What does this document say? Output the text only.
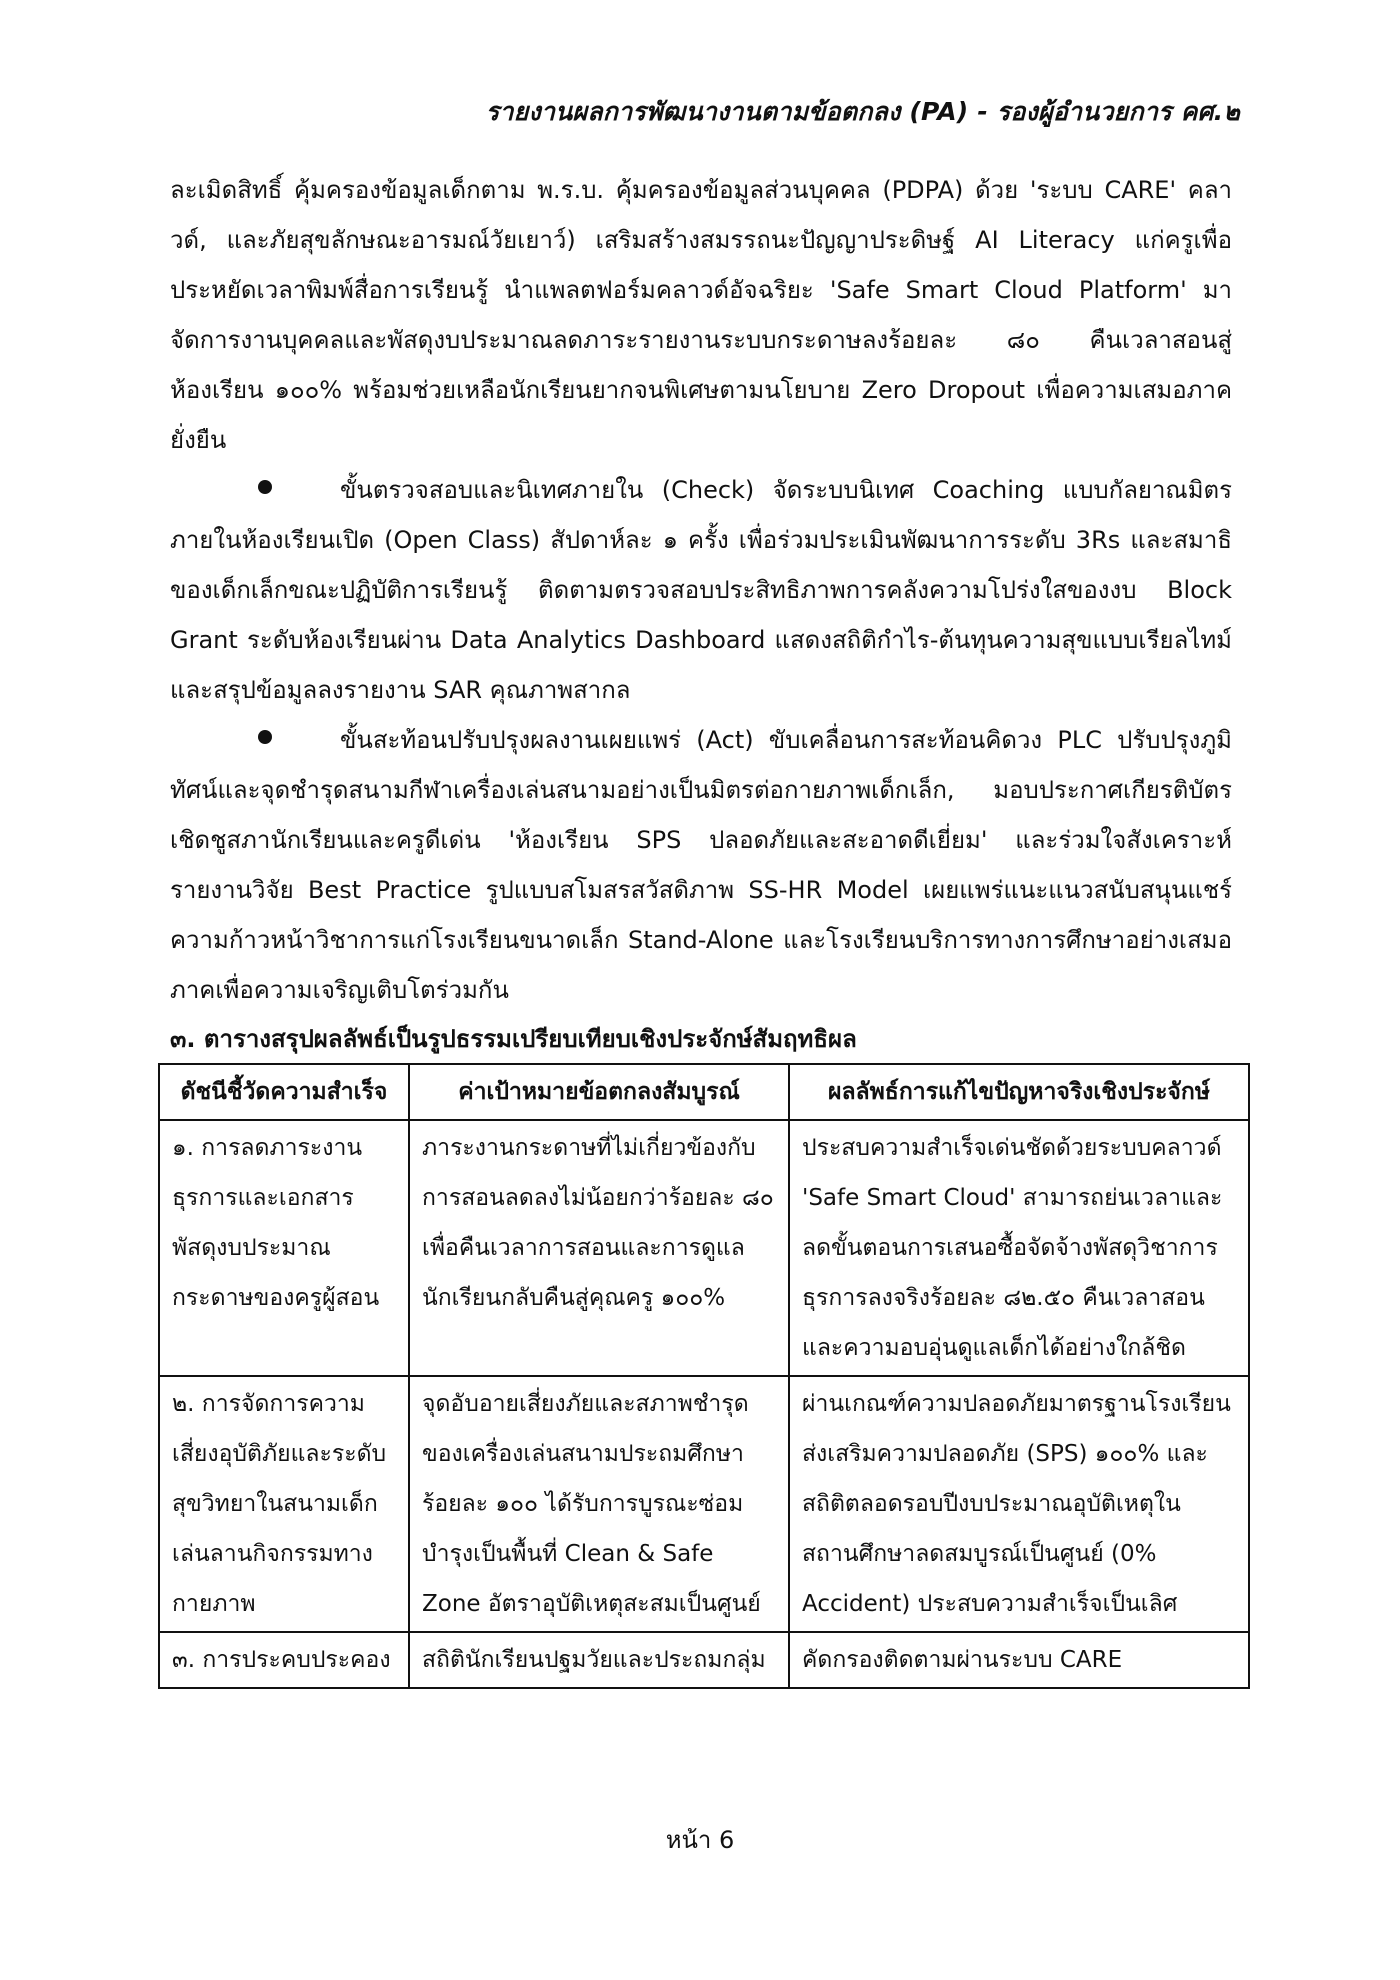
รายงานผลการพัฒนางานตามข้อตกลง (PA) - รองผู้อำนวยการ คศ.๒

ละเมิดสิทธิ์ คุ้มครองข้อมูลเด็กตาม พ.ร.บ. คุ้มครองข้อมูลส่วนบุคคล (PDPA) ด้วย 'ระบบ CARE' คลาวด์, และภัยสุขลักษณะอารมณ์วัยเยาว์) เสริมสร้างสมรรถนะปัญญาประดิษฐ์ AI Literacy แก่ครูเพื่อประหยัดเวลาพิมพ์สื่อการเรียนรู้ นำแพลตฟอร์มคลาวด์อัจฉริยะ 'Safe Smart Cloud Platform' มาจัดการงานบุคคลและพัสดุงบประมาณลดภาระรายงานระบบกระดาษลงร้อยละ ๘๐ คืนเวลาสอนสู่ห้องเรียน ๑๐๐% พร้อมช่วยเหลือนักเรียนยากจนพิเศษตามนโยบาย Zero Dropout เพื่อความเสมอภาคยั่งยืน

ขั้นตรวจสอบและนิเทศภายใน (Check) จัดระบบนิเทศ Coaching แบบกัลยาณมิตรภายในห้องเรียนเปิด (Open Class) สัปดาห์ละ ๑ ครั้ง เพื่อร่วมประเมินพัฒนาการระดับ 3Rs และสมาธิของเด็กเล็กขณะปฏิบัติการเรียนรู้ ติดตามตรวจสอบประสิทธิภาพการคลังความโปร่งใสของงบ Block Grant ระดับห้องเรียนผ่าน Data Analytics Dashboard แสดงสถิติกำไร-ต้นทุนความสุขแบบเรียลไทม์ และสรุปข้อมูลลงรายงาน SAR คุณภาพสากล

ขั้นสะท้อนปรับปรุงผลงานเผยแพร่ (Act) ขับเคลื่อนการสะท้อนคิดวง PLC ปรับปรุงภูมิทัศน์และจุดชำรุดสนามกีฬาเครื่องเล่นสนามอย่างเป็นมิตรต่อกายภาพเด็กเล็ก, มอบประกาศเกียรติบัตรเชิดชูสภานักเรียนและครูดีเด่น 'ห้องเรียน SPS ปลอดภัยและสะอาดดีเยี่ยม' และร่วมใจสังเคราะห์รายงานวิจัย Best Practice รูปแบบสโมสรสวัสดิภาพ SS-HR Model เผยแพร่แนะแนวสนับสนุนแชร์ความก้าวหน้าวิชาการแก่โรงเรียนขนาดเล็ก Stand-Alone และโรงเรียนบริการทางการศึกษาอย่างเสมอภาคเพื่อความเจริญเติบโตร่วมกัน

๓. ตารางสรุปผลลัพธ์เป็นรูปธรรมเปรียบเทียบเชิงประจักษ์สัมฤทธิผล

ดัชนีชี้วัดความสำเร็จ	ค่าเป้าหมายข้อตกลงสัมบูรณ์	ผลลัพธ์การแก้ไขปัญหาจริงเชิงประจักษ์
๑. การลดภาระงานธุรการและเอกสารพัสดุงบประมาณกระดาษของครูผู้สอน	ภาระงานกระดาษที่ไม่เกี่ยวข้องกับการสอนลดลงไม่น้อยกว่าร้อยละ ๘๐ เพื่อคืนเวลาการสอนและการดูแลนักเรียนกลับคืนสู่คุณครู ๑๐๐%	ประสบความสำเร็จเด่นชัดด้วยระบบคลาวด์ 'Safe Smart Cloud' สามารถย่นเวลาและลดขั้นตอนการเสนอซื้อจัดจ้างพัสดุวิชาการธุรการลงจริงร้อยละ ๘๒.๕๐ คืนเวลาสอนและความอบอุ่นดูแลเด็กได้อย่างใกล้ชิด
๒. การจัดการความเสี่ยงอุบัติภัยและระดับสุขวิทยาในสนามเด็กเล่นลานกิจกรรมทางกายภาพ	จุดอับอายเสี่ยงภัยและสภาพชำรุดของเครื่องเล่นสนามประถมศึกษาร้อยละ ๑๐๐ ได้รับการบูรณะซ่อมบำรุงเป็นพื้นที่ Clean & Safe Zone อัตราอุบัติเหตุสะสมเป็นศูนย์	ผ่านเกณฑ์ความปลอดภัยมาตรฐานโรงเรียนส่งเสริมความปลอดภัย (SPS) ๑๐๐% และสถิติตลอดรอบปีงบประมาณอุบัติเหตุในสถานศึกษาลดสมบูรณ์เป็นศูนย์ (0% Accident) ประสบความสำเร็จเป็นเลิศ
๓. การประคบประคอง	สถิตินักเรียนปฐมวัยและประถมกลุ่ม	คัดกรองติดตามผ่านระบบ CARE
หน้า 6
